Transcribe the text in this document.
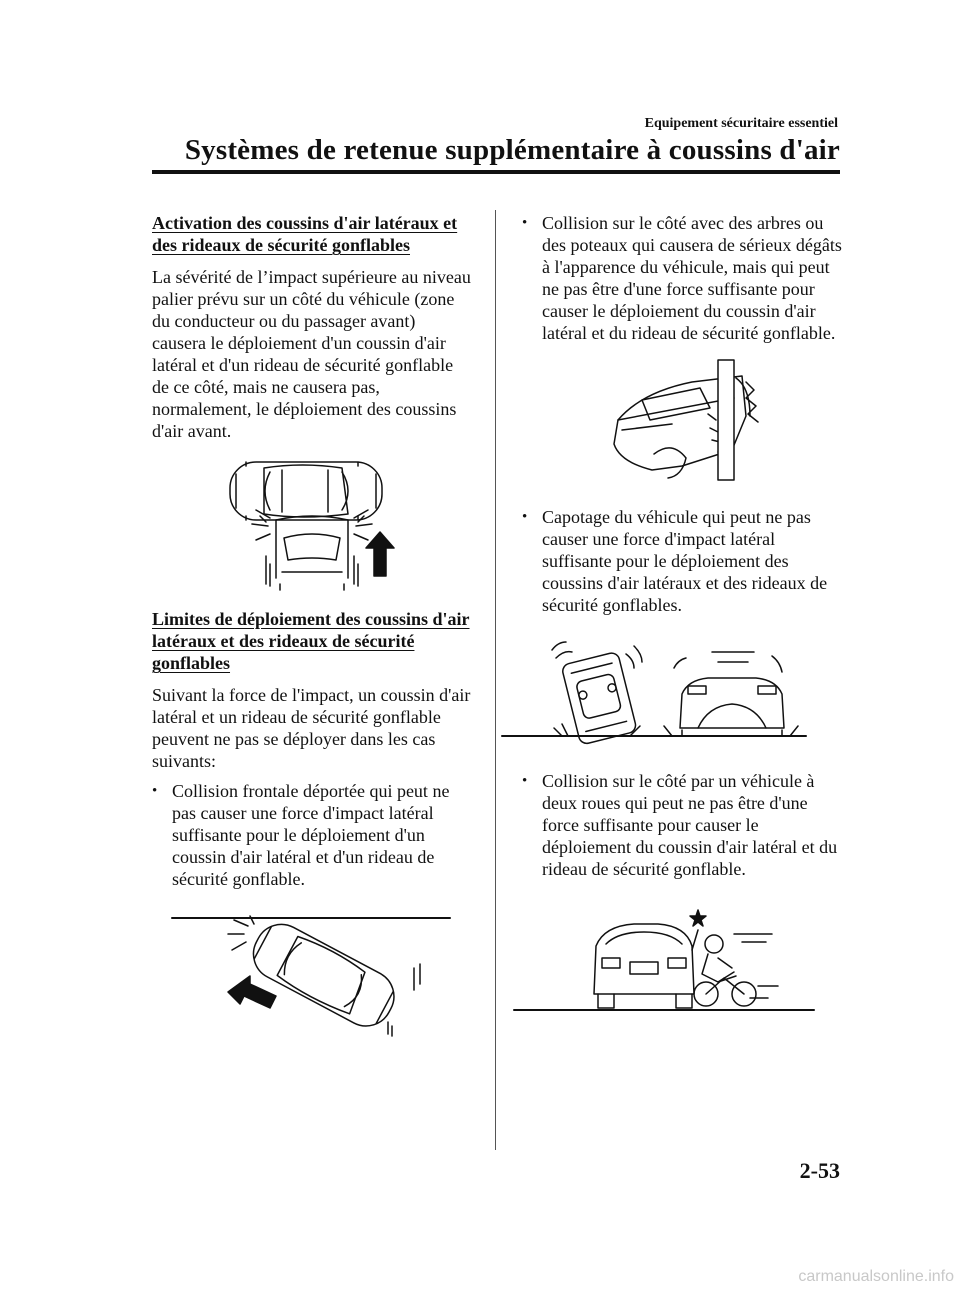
Equipement sécuritaire essentiel
Systèmes de retenue supplémentaire à coussins d'air

Activation des coussins d'air latéraux et des rideaux de sécurité gonflables

La sévérité de l’impact supérieure au niveau palier prévu sur un côté du véhicule (zone du conducteur ou du passager avant) causera le déploiement d'un coussin d'air latéral et d'un rideau de sécurité gonflable de ce côté, mais ne causera pas, normalement, le déploiement des coussins d'air avant.

Limites de déploiement des coussins d'air latéraux et des rideaux de sécurité gonflables

Suivant la force de l'impact, un coussin d'air latéral et un rideau de sécurité gonflable peuvent ne pas se déployer dans les cas suivants:

• Collision frontale déportée qui peut ne pas causer une force d'impact latéral suffisante pour le déploiement d'un coussin d'air latéral et d'un rideau de sécurité gonflable.

• Collision sur le côté avec des arbres ou des poteaux qui causera de sérieux dégâts à l'apparence du véhicule, mais qui peut ne pas être d'une force suffisante pour causer le déploiement du coussin d'air latéral et du rideau de sécurité gonflable.

• Capotage du véhicule qui peut ne pas causer une force d'impact latéral suffisante pour le déploiement des coussins d'air latéraux et des rideaux de sécurité gonflables.

• Collision sur le côté par un véhicule à deux roues qui peut ne pas être d'une force suffisante pour causer le déploiement du coussin d'air latéral et du rideau de sécurité gonflable.

2-53
carmanualsonline.info
